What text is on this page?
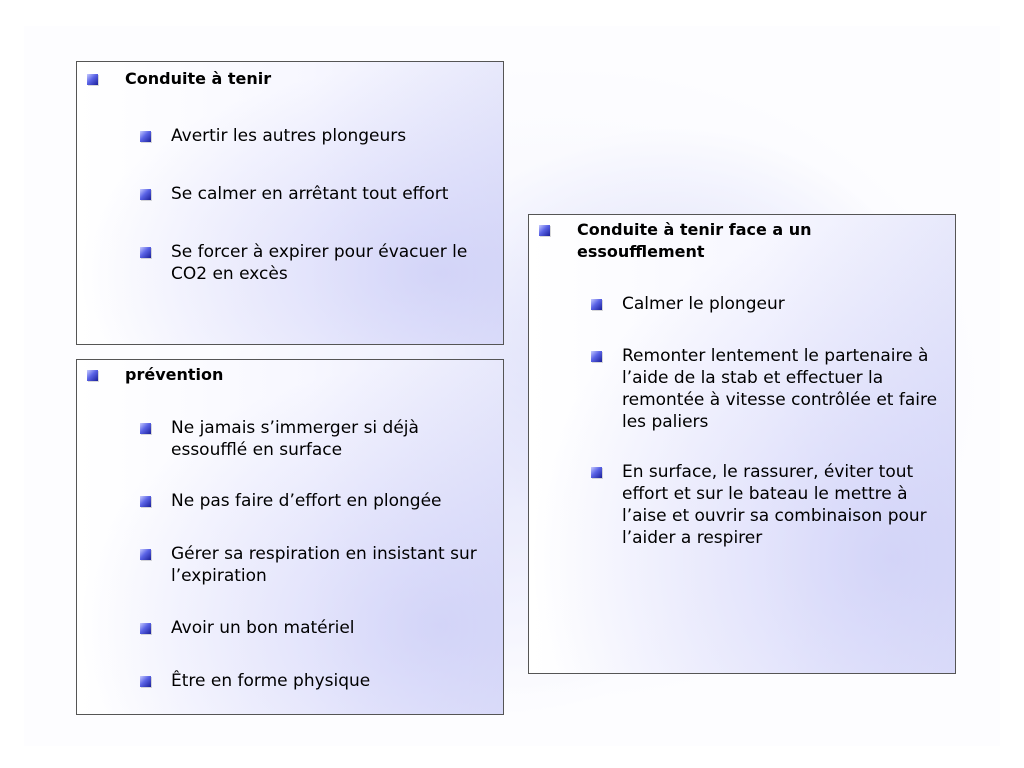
Conduite à tenir
Avertir les autres plongeurs
Se calmer en arrêtant tout effort
Se forcer à expirer pour évacuer le CO2 en excès
prévention
Ne jamais s’immerger si déjà essoufflé en surface
Ne pas faire d’effort en plongée
Gérer sa respiration en insistant sur l’expiration
Avoir un bon matériel
Être en forme physique
Conduite à tenir face a un essoufflement
Calmer le plongeur
Remonter lentement le partenaire à l’aide de la stab et effectuer la remontée à vitesse contrôlée et faire les paliers
En surface, le rassurer, éviter tout effort et sur le bateau le mettre à l’aise et ouvrir sa combinaison pour l’aider a respirer
